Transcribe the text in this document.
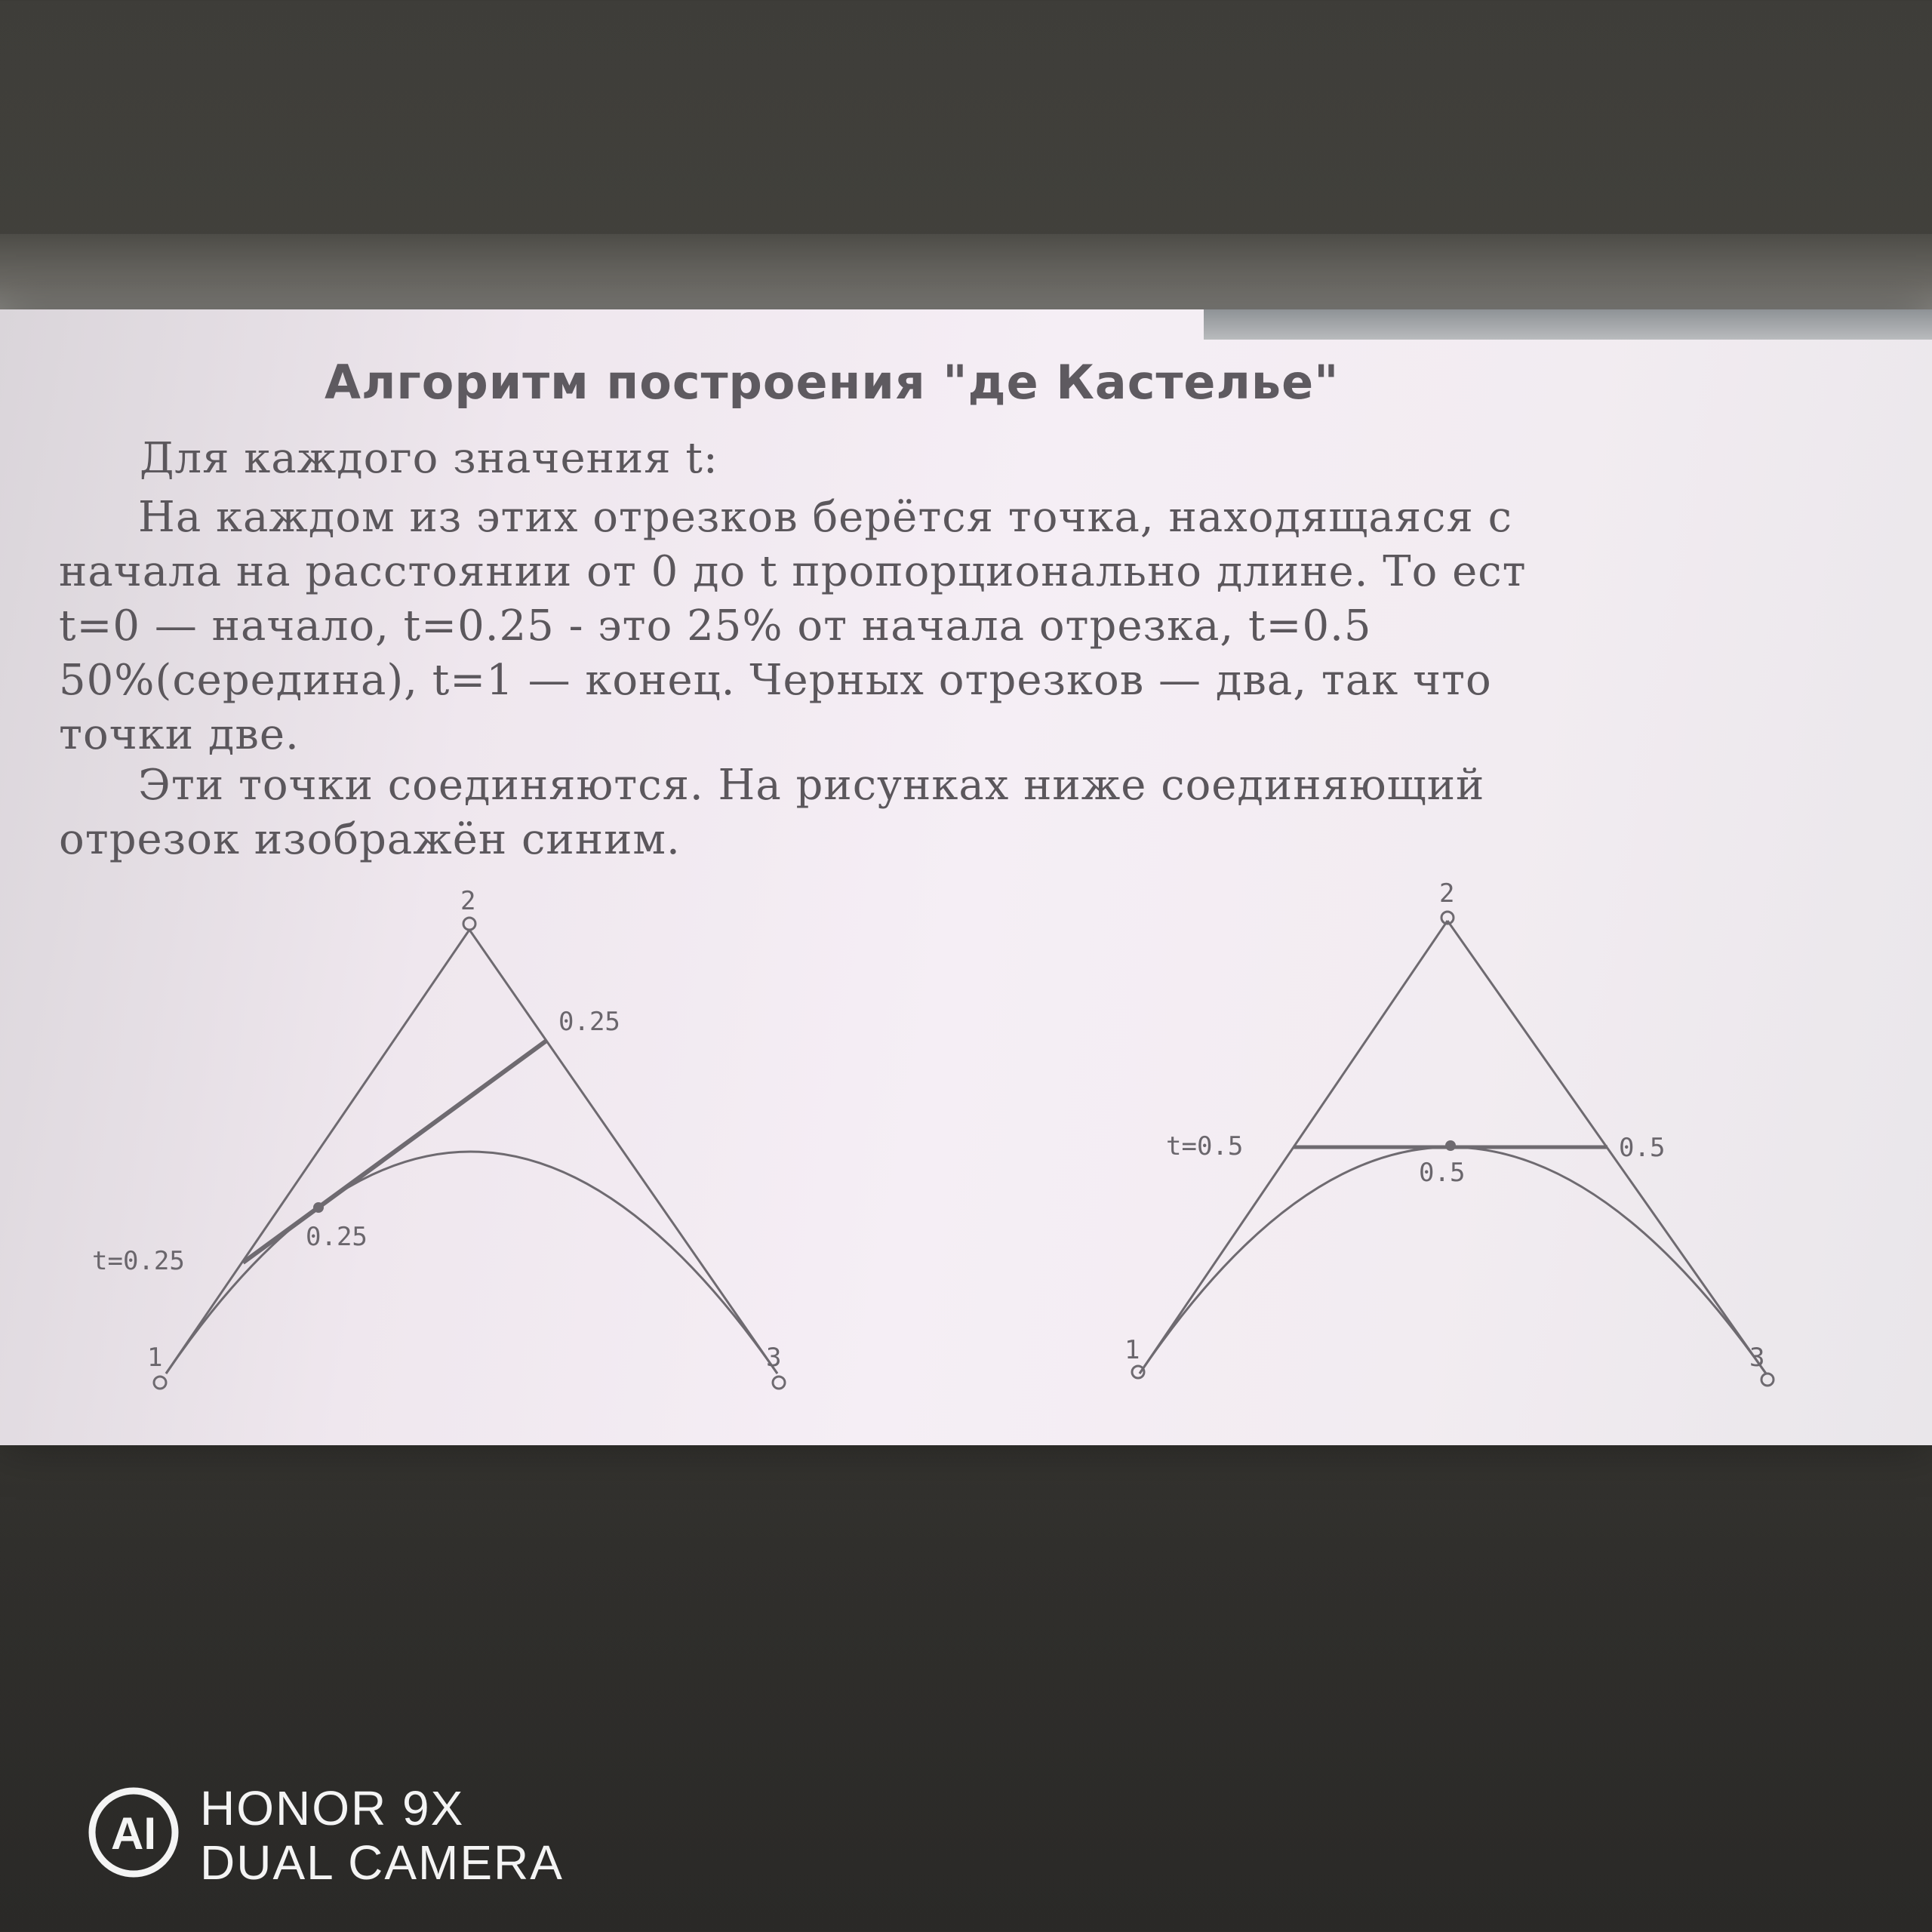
Алгоритм построения "де Кастелье"
Для каждого значения t:
На каждом из этих отрезков берётся точка, находящаяся с
начала на расстоянии от 0 до t пропорционально длине. То ест
t=0 — начало, t=0.25 - это 25% от начала отрезка, t=0.5
50%(середина), t=1 — конец. Черных отрезков — два, так что
точки две.
Эти точки соединяются. На рисунках ниже соединяющий
отрезок изображён синим.
2
1	3
0.25
0.25
t=0.25
2
1	3
t=0.5	0.5
0.5
AI HONOR 9X
DUAL CAMERA
